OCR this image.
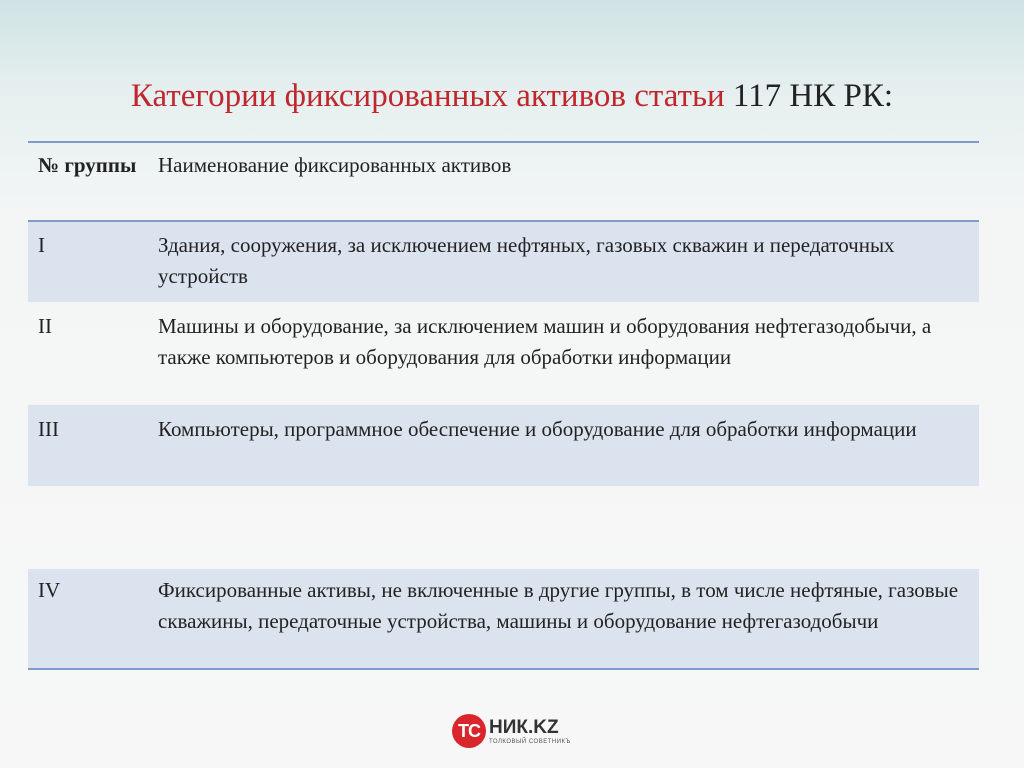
Категории фиксированных активов статьи 117 НК РК:
№ группы	Наименование фиксированных активов
I	Здания, сооружения, за исключением нефтяных, газовых скважин и передаточных устройств
II	Машины и оборудование, за исключением машин и оборудования нефтегазодобычи, а также компьютеров и оборудования для обработки информации
III	Компьютеры, программное обеспечение и оборудование для обработки информации
IV	Фиксированные активы, не включенные в другие группы, в том числе нефтяные, газовые скважины, передаточные устройства, машины и оборудование нефтегазодобычи
ТС НИК.KZ
ТОЛКОВЫЙ СОВЕТНИКЪ
